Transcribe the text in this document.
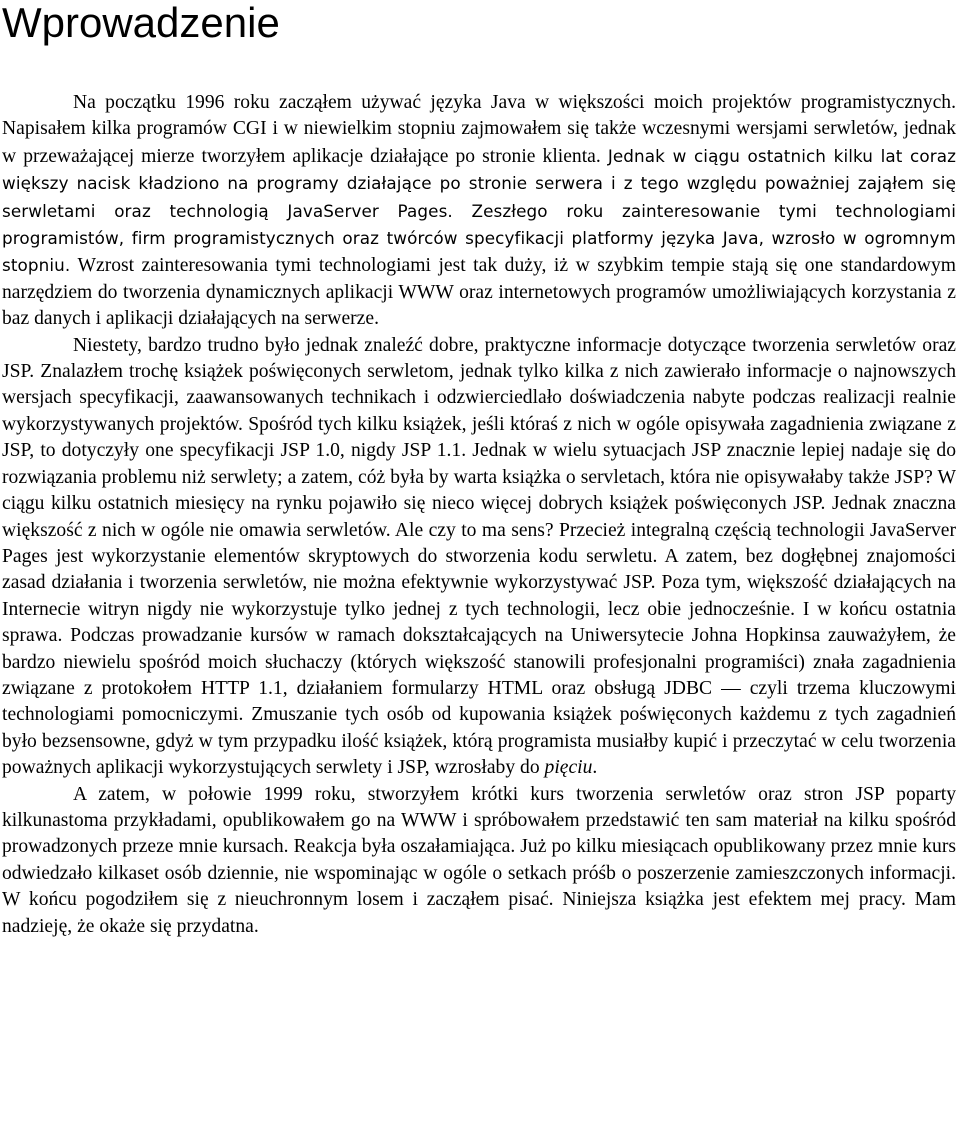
Wprowadzenie

Na początku 1996 roku zacząłem używać języka Java w większości moich projektów programistycznych. Napisałem kilka programów CGI i w niewielkim stopniu zajmowałem się także wczesnymi wersjami serwletów, jednak w przeważającej mierze tworzyłem aplikacje działające po stronie klienta. Jednak w ciągu ostatnich kilku lat coraz większy nacisk kładziono na programy działające po stronie serwera i z tego względu poważniej zająłem się serwletami oraz technologią JavaServer Pages. Zeszłego roku zainteresowanie tymi technologiami programistów, firm programistycznych oraz twórców specyfikacji platformy języka Java, wzrosło w ogromnym stopniu. Wzrost zainteresowania tymi technologiami jest tak duży, iż w szybkim tempie stają się one standardowym narzędziem do tworzenia dynamicznych aplikacji WWW oraz internetowych programów umożliwiających korzystania z baz danych i aplikacji działających na serwerze.

Niestety, bardzo trudno było jednak znaleźć dobre, praktyczne informacje dotyczące tworzenia serwletów oraz JSP. Znalazłem trochę książek poświęconych serwletom, jednak tylko kilka z nich zawierało informacje o najnowszych wersjach specyfikacji, zaawansowanych technikach i odzwierciedlało doświadczenia nabyte podczas realizacji realnie wykorzystywanych projektów. Spośród tych kilku książek, jeśli któraś z nich w ogóle opisywała zagadnienia związane z JSP, to dotyczyły one specyfikacji JSP 1.0, nigdy JSP 1.1. Jednak w wielu sytuacjach JSP znacznie lepiej nadaje się do rozwiązania problemu niż serwlety; a zatem, cóż była by warta książka o servletach, która nie opisywałaby także JSP? W ciągu kilku ostatnich miesięcy na rynku pojawiło się nieco więcej dobrych książek poświęconych JSP. Jednak znaczna większość z nich w ogóle nie omawia serwletów. Ale czy to ma sens? Przecież integralną częścią technologii JavaServer Pages jest wykorzystanie elementów skryptowych do stworzenia kodu serwletu. A zatem, bez dogłębnej znajomości zasad działania i tworzenia serwletów, nie można efektywnie wykorzystywać JSP. Poza tym, większość działających na Internecie witryn nigdy nie wykorzystuje tylko jednej z tych technologii, lecz obie jednocześnie. I w końcu ostatnia sprawa. Podczas prowadzanie kursów w ramach dokształcających na Uniwersytecie Johna Hopkinsa zauważyłem, że bardzo niewielu spośród moich słuchaczy (których większość stanowili profesjonalni programiści) znała zagadnienia związane z protokołem HTTP 1.1, działaniem formularzy HTML oraz obsługą JDBC — czyli trzema kluczowymi technologiami pomocniczymi. Zmuszanie tych osób od kupowania książek poświęconych każdemu z tych zagadnień było bezsensowne, gdyż w tym przypadku ilość książek, którą programista musiałby kupić i przeczytać w celu tworzenia poważnych aplikacji wykorzystujących serwlety i JSP, wzrosłaby do pięciu.

A zatem, w połowie 1999 roku, stworzyłem krótki kurs tworzenia serwletów oraz stron JSP poparty kilkunastoma przykładami, opublikowałem go na WWW i spróbowałem przedstawić ten sam materiał na kilku spośród prowadzonych przeze mnie kursach. Reakcja była oszałamiająca. Już po kilku miesiącach opublikowany przez mnie kurs odwiedzało kilkaset osób dziennie, nie wspominając w ogóle o setkach próśb o poszerzenie zamieszczonych informacji. W końcu pogodziłem się z nieuchronnym losem i zacząłem pisać. Niniejsza książka jest efektem mej pracy. Mam nadzieję, że okaże się przydatna.
